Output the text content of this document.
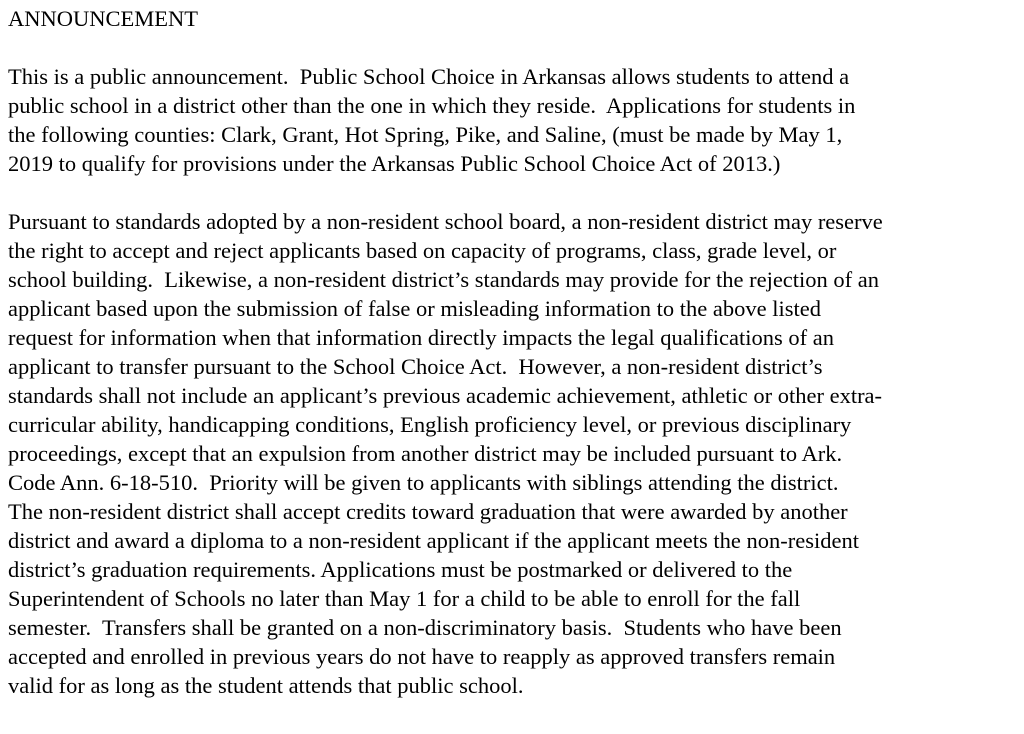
ANNOUNCEMENT
This is a public announcement.  Public School Choice in Arkansas allows students to attend a
public school in a district other than the one in which they reside.  Applications for students in
the following counties: Clark, Grant, Hot Spring, Pike, and Saline, (must be made by May 1,
2019 to qualify for provisions under the Arkansas Public School Choice Act of 2013.)
Pursuant to standards adopted by a non-resident school board, a non-resident district may reserve
the right to accept and reject applicants based on capacity of programs, class, grade level, or
school building.  Likewise, a non-resident district’s standards may provide for the rejection of an
applicant based upon the submission of false or misleading information to the above listed
request for information when that information directly impacts the legal qualifications of an
applicant to transfer pursuant to the School Choice Act.  However, a non-resident district’s
standards shall not include an applicant’s previous academic achievement, athletic or other extra-
curricular ability, handicapping conditions, English proficiency level, or previous disciplinary
proceedings, except that an expulsion from another district may be included pursuant to Ark.
Code Ann. 6-18-510.  Priority will be given to applicants with siblings attending the district.
The non-resident district shall accept credits toward graduation that were awarded by another
district and award a diploma to a non-resident applicant if the applicant meets the non-resident
district’s graduation requirements. Applications must be postmarked or delivered to the
Superintendent of Schools no later than May 1 for a child to be able to enroll for the fall
semester.  Transfers shall be granted on a non-discriminatory basis.  Students who have been
accepted and enrolled in previous years do not have to reapply as approved transfers remain
valid for as long as the student attends that public school.
